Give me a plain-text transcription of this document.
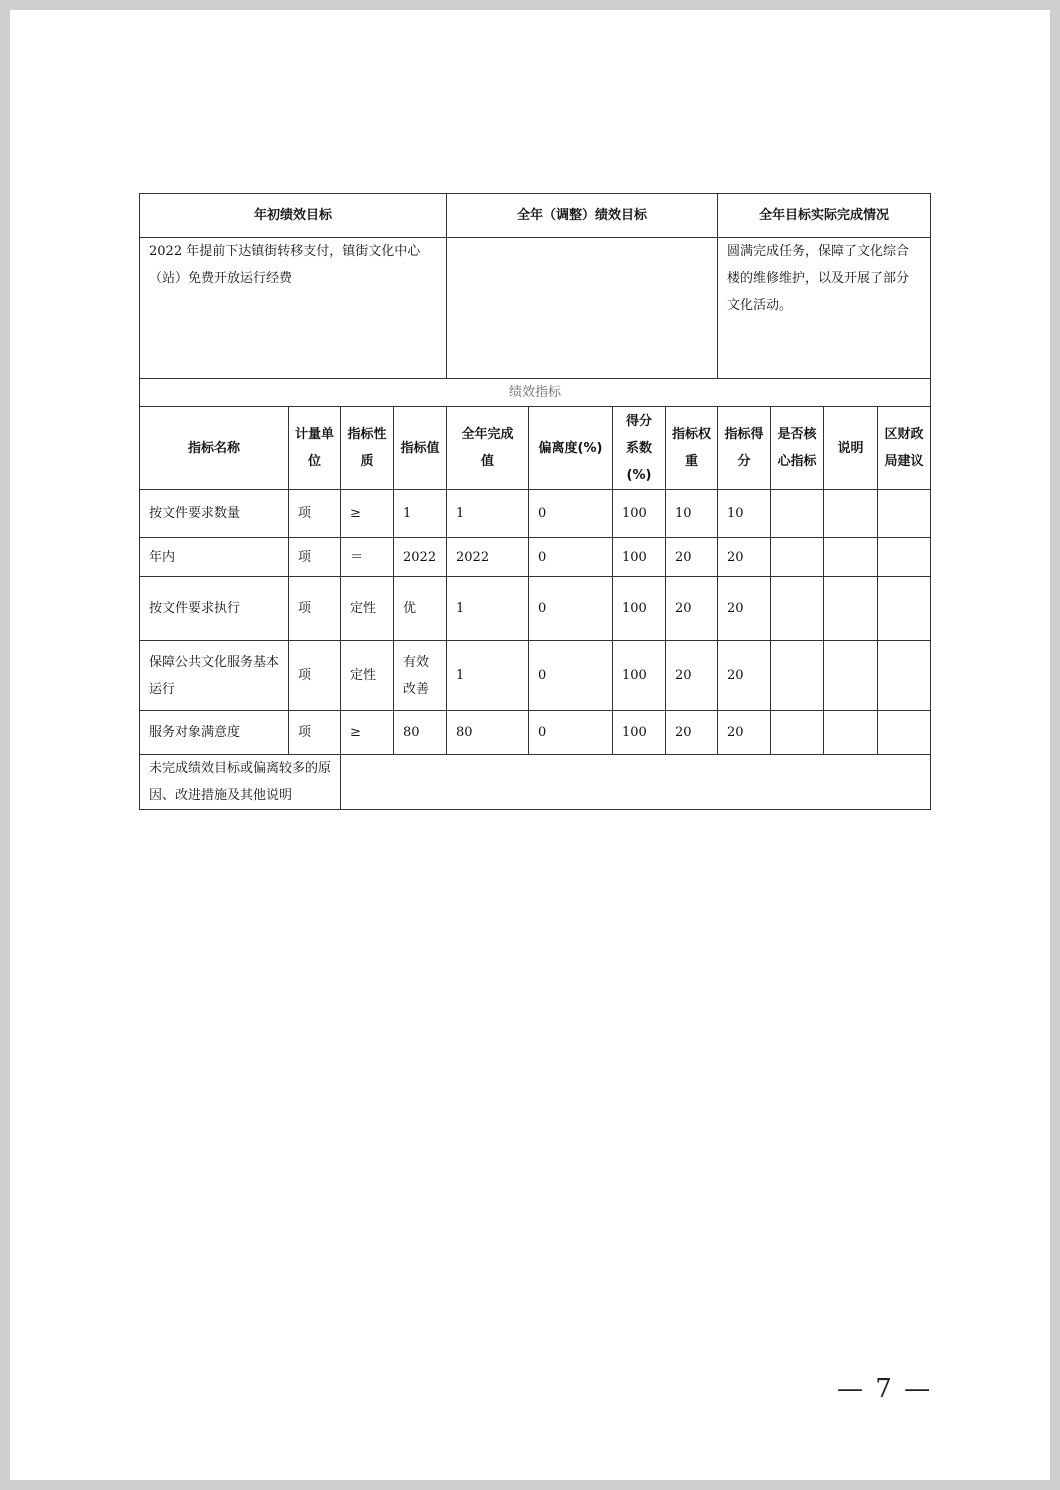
年初绩效目标				全年（调整）绩效目标				全年目标实际完成情况			
2022 年提前下达镇街转移支付，镇街文化中心（站）免费开放运行经费								圆满完成任务，保障了文化综合楼的维修维护，以及开展了部分文化活动。			
绩效指标											
指标名称	计量单位	指标性质	指标值	全年完成值	偏离度(%)	得分系数(%)	指标权重	指标得分	是否核心指标	说明	区财政局建议
按文件要求数量	项	≥	1	1	0	100	10	10			
年内	项	＝	2022	2022	0	100	20	20			
按文件要求执行	项	定性	优	1	0	100	20	20			
保障公共文化服务基本运行	项	定性	有效改善	1	0	100	20	20			
服务对象满意度	项	≥	80	80	0	100	20	20			
未完成绩效目标或偏离较多的原因、改进措施及其他说明											
— 7 —
